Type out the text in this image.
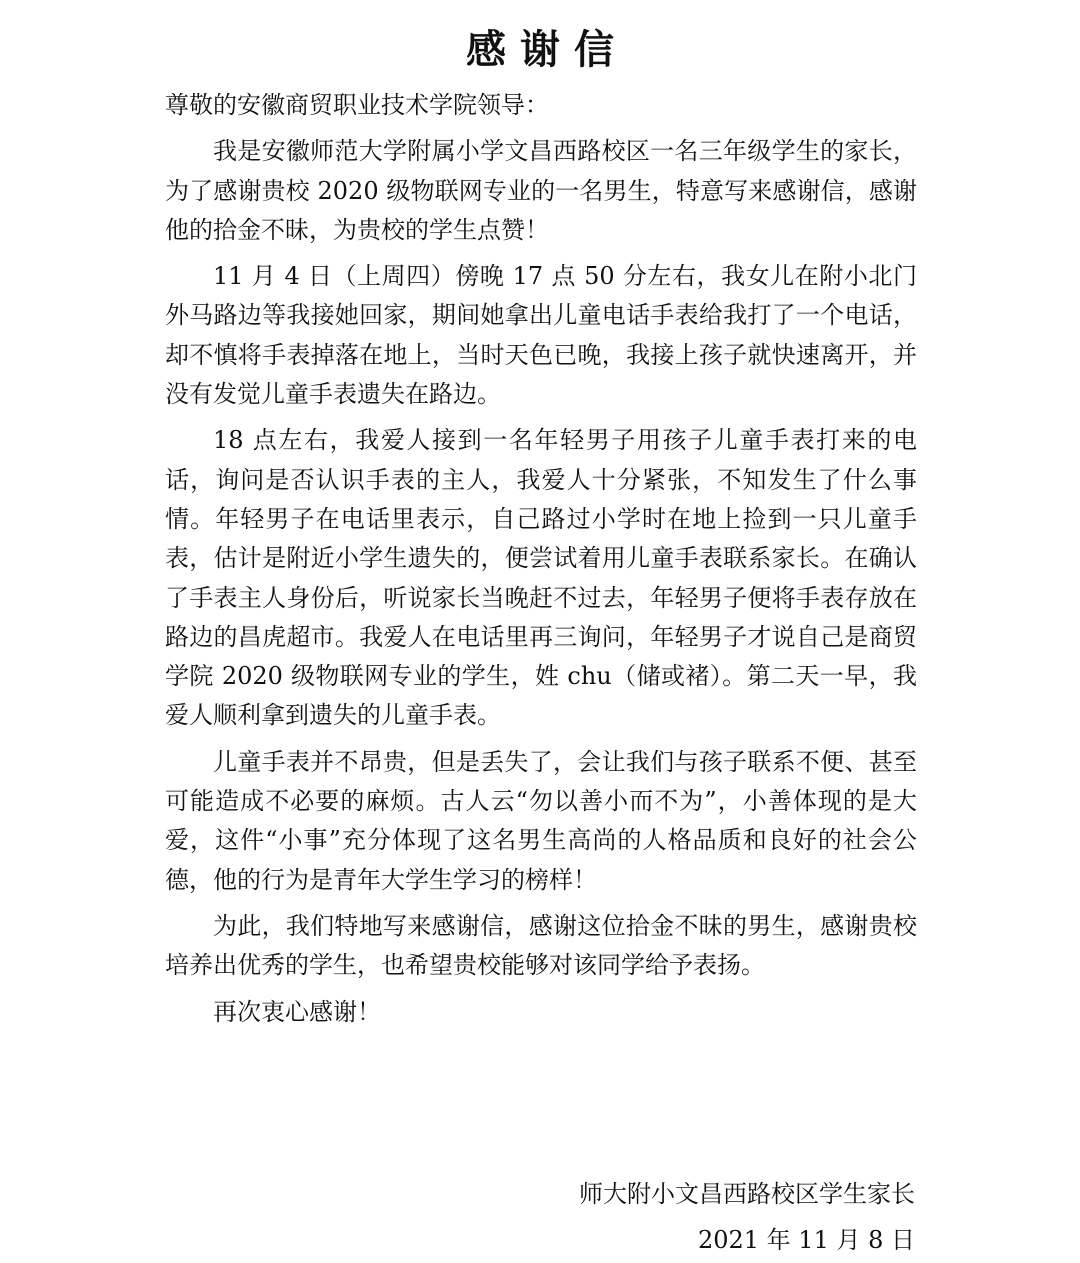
感谢信

尊敬的安徽商贸职业技术学院领导：

我是安徽师范大学附属小学文昌西路校区一名三年级学生的家长，为了感谢贵校 2020 级物联网专业的一名男生，特意写来感谢信，感谢他的拾金不昧，为贵校的学生点赞！

11 月 4 日（上周四）傍晚 17 点 50 分左右，我女儿在附小北门外马路边等我接她回家，期间她拿出儿童电话手表给我打了一个电话，却不慎将手表掉落在地上，当时天色已晚，我接上孩子就快速离开，并没有发觉儿童手表遗失在路边。

18 点左右，我爱人接到一名年轻男子用孩子儿童手表打来的电话，询问是否认识手表的主人，我爱人十分紧张，不知发生了什么事情。年轻男子在电话里表示，自己路过小学时在地上捡到一只儿童手表，估计是附近小学生遗失的，便尝试着用儿童手表联系家长。在确认了手表主人身份后，听说家长当晚赶不过去，年轻男子便将手表存放在路边的昌虎超市。我爱人在电话里再三询问，年轻男子才说自己是商贸学院 2020 级物联网专业的学生，姓 chu（储或褚）。第二天一早，我爱人顺利拿到遗失的儿童手表。

儿童手表并不昂贵，但是丢失了，会让我们与孩子联系不便、甚至可能造成不必要的麻烦。古人云“勿以善小而不为”，小善体现的是大爱，这件“小事”充分体现了这名男生高尚的人格品质和良好的社会公德，他的行为是青年大学生学习的榜样！

为此，我们特地写来感谢信，感谢这位拾金不昧的男生，感谢贵校培养出优秀的学生，也希望贵校能够对该同学给予表扬。

再次衷心感谢！

师大附小文昌西路校区学生家长
2021 年 11 月 8 日
